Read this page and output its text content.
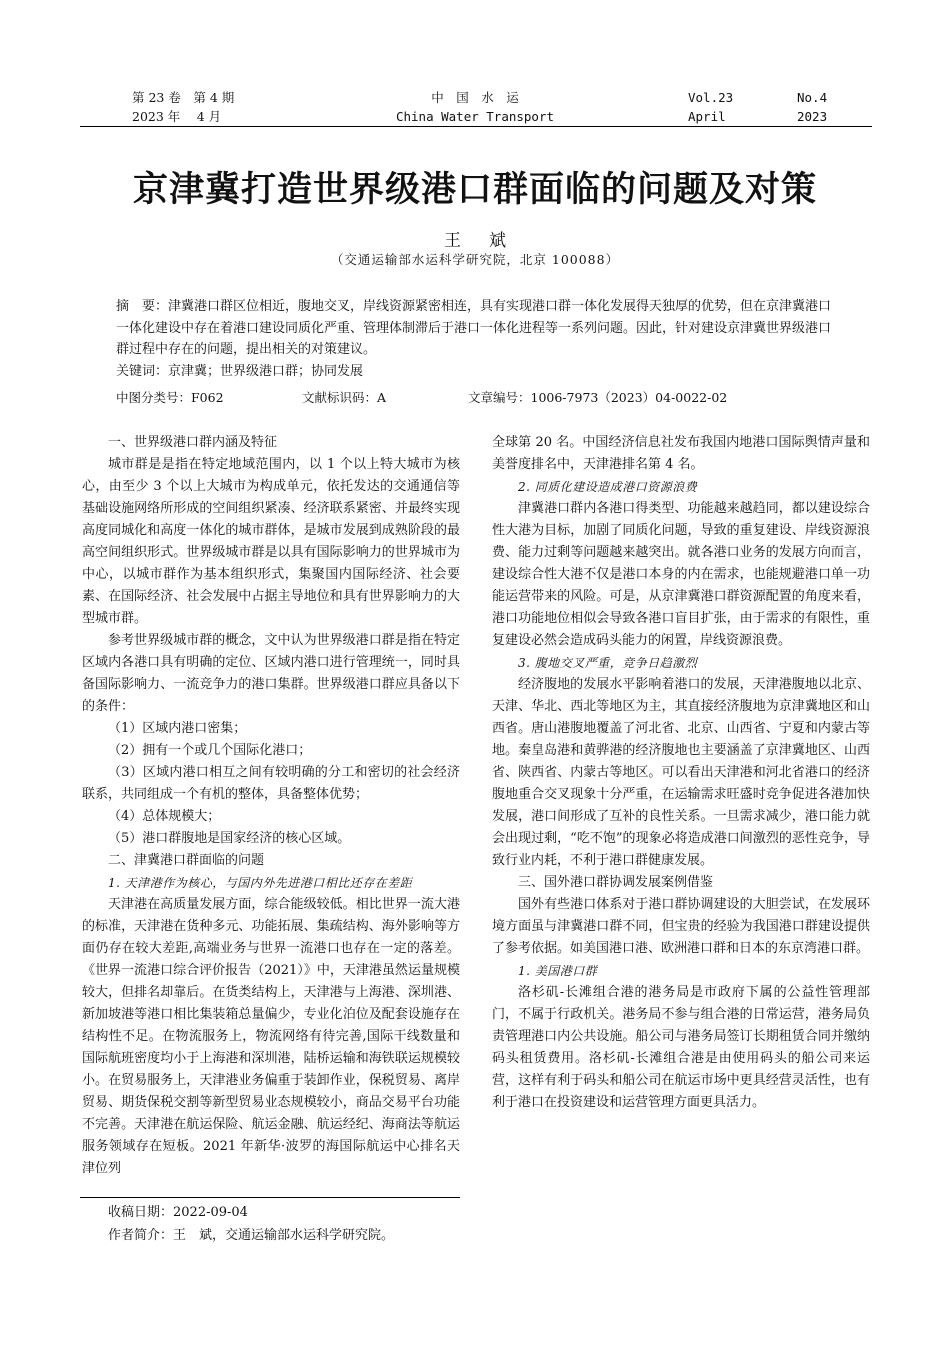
第 23 卷　第 4 期
2023 年　 4 月
中　国　水　运
China Water Transport
Vol.23
April
No.4
2023
京津冀打造世界级港口群面临的问题及对策
王斌
（交通运输部水运科学研究院，北京 100088）

摘　要：津冀港口群区位相近，腹地交叉，岸线资源紧密相连，具有实现港口群一体化发展得天独厚的优势，但在京津冀港口一体化建设中存在着港口建设同质化严重、管理体制滞后于港口一体化进程等一系列问题。因此，针对建设京津冀世界级港口群过程中存在的问题，提出相关的对策建议。

关键词：京津冀；世界级港口群；协同发展

中图分类号：F062	文献标识码：A	文章编号：1006-7973（2023）04-0022-02

一、世界级港口群内涵及特征

城市群是是指在特定地域范围内，以 1 个以上特大城市为核心，由至少 3 个以上大城市为构成单元，依托发达的交通通信等基础设施网络所形成的空间组织紧凑、经济联系紧密、并最终实现高度同城化和高度一体化的城市群体，是城市发展到成熟阶段的最高空间组织形式。世界级城市群是以具有国际影响力的世界城市为中心，以城市群作为基本组织形式，集聚国内国际经济、社会要素、在国际经济、社会发展中占据主导地位和具有世界影响力的大型城市群。

参考世界级城市群的概念，文中认为世界级港口群是指在特定区域内各港口具有明确的定位、区域内港口进行管理统一，同时具备国际影响力、一流竞争力的港口集群。世界级港口群应具备以下的条件：

（1）区域内港口密集；

（2）拥有一个或几个国际化港口；

（3）区域内港口相互之间有较明确的分工和密切的社会经济联系，共同组成一个有机的整体，具备整体优势；

（4）总体规模大；

（5）港口群腹地是国家经济的核心区域。

二、津冀港口群面临的问题

1. 天津港作为核心，与国内外先进港口相比还存在差距

天津港在高质量发展方面，综合能级较低。相比世界一流大港的标准，天津港在货种多元、功能拓展、集疏结构、海外影响等方面仍存在较大差距,高端业务与世界一流港口也存在一定的落差。《世界一流港口综合评价报告（2021）》中，天津港虽然运量规模较大，但排名却靠后。在货类结构上，天津港与上海港、深圳港、新加坡港等港口相比集装箱总量偏少，专业化泊位及配套设施存在结构性不足。在物流服务上，物流网络有待完善,国际干线数量和国际航班密度均小于上海港和深圳港，陆桥运输和海铁联运规模较小。在贸易服务上，天津港业务偏重于装卸作业，保税贸易、离岸贸易、期货保税交割等新型贸易业态规模较小，商品交易平台功能不完善。天津港在航运保险、航运金融、航运经纪、海商法等航运服务领域存在短板。2021 年新华·波罗的海国际航运中心排名天津位列

全球第 20 名。中国经济信息社发布我国内地港口国际舆情声量和美誉度排名中，天津港排名第 4 名。

2. 同质化建设造成港口资源浪费

津冀港口群内各港口得类型、功能越来越趋同，都以建设综合性大港为目标，加剧了同质化问题，导致的重复建设、岸线资源浪费、能力过剩等问题越来越突出。就各港口业务的发展方向而言，建设综合性大港不仅是港口本身的内在需求，也能规避港口单一功能运营带来的风险。可是，从京津冀港口群资源配置的角度来看，港口功能地位相似会导致各港口盲目扩张，由于需求的有限性，重复建设必然会造成码头能力的闲置，岸线资源浪费。

3. 腹地交叉严重，竞争日趋激烈

经济腹地的发展水平影响着港口的发展，天津港腹地以北京、天津、华北、西北等地区为主，其直接经济腹地为京津冀地区和山西省。唐山港腹地覆盖了河北省、北京、山西省、宁夏和内蒙古等地。秦皇岛港和黄骅港的经济腹地也主要涵盖了京津冀地区、山西省、陕西省、内蒙古等地区。可以看出天津港和河北省港口的经济腹地重合交叉现象十分严重，在运输需求旺盛时竞争促进各港加快发展，港口间形成了互补的良性关系。一旦需求减少，港口能力就会出现过剩，“吃不饱”的现象必将造成港口间激烈的恶性竞争，导致行业内耗，不利于港口群健康发展。

三、国外港口群协调发展案例借鉴

国外有些港口体系对于港口群协调建设的大胆尝试，在发展环境方面虽与津冀港口群不同，但宝贵的经验为我国港口群建设提供了参考依据。如美国港口港、欧洲港口群和日本的东京湾港口群。

1. 美国港口群

洛杉矶-长滩组合港的港务局是市政府下属的公益性管理部门，不属于行政机关。港务局不参与组合港的日常运营，港务局负责管理港口内公共设施。船公司与港务局签订长期租赁合同并缴纳码头租赁费用。洛杉矶-长滩组合港是由使用码头的船公司来运营，这样有利于码头和船公司在航运市场中更具经营灵活性，也有利于港口在投资建设和运营管理方面更具活力。

收稿日期：2022-09-04
作者简介：王　斌，交通运输部水运科学研究院。
